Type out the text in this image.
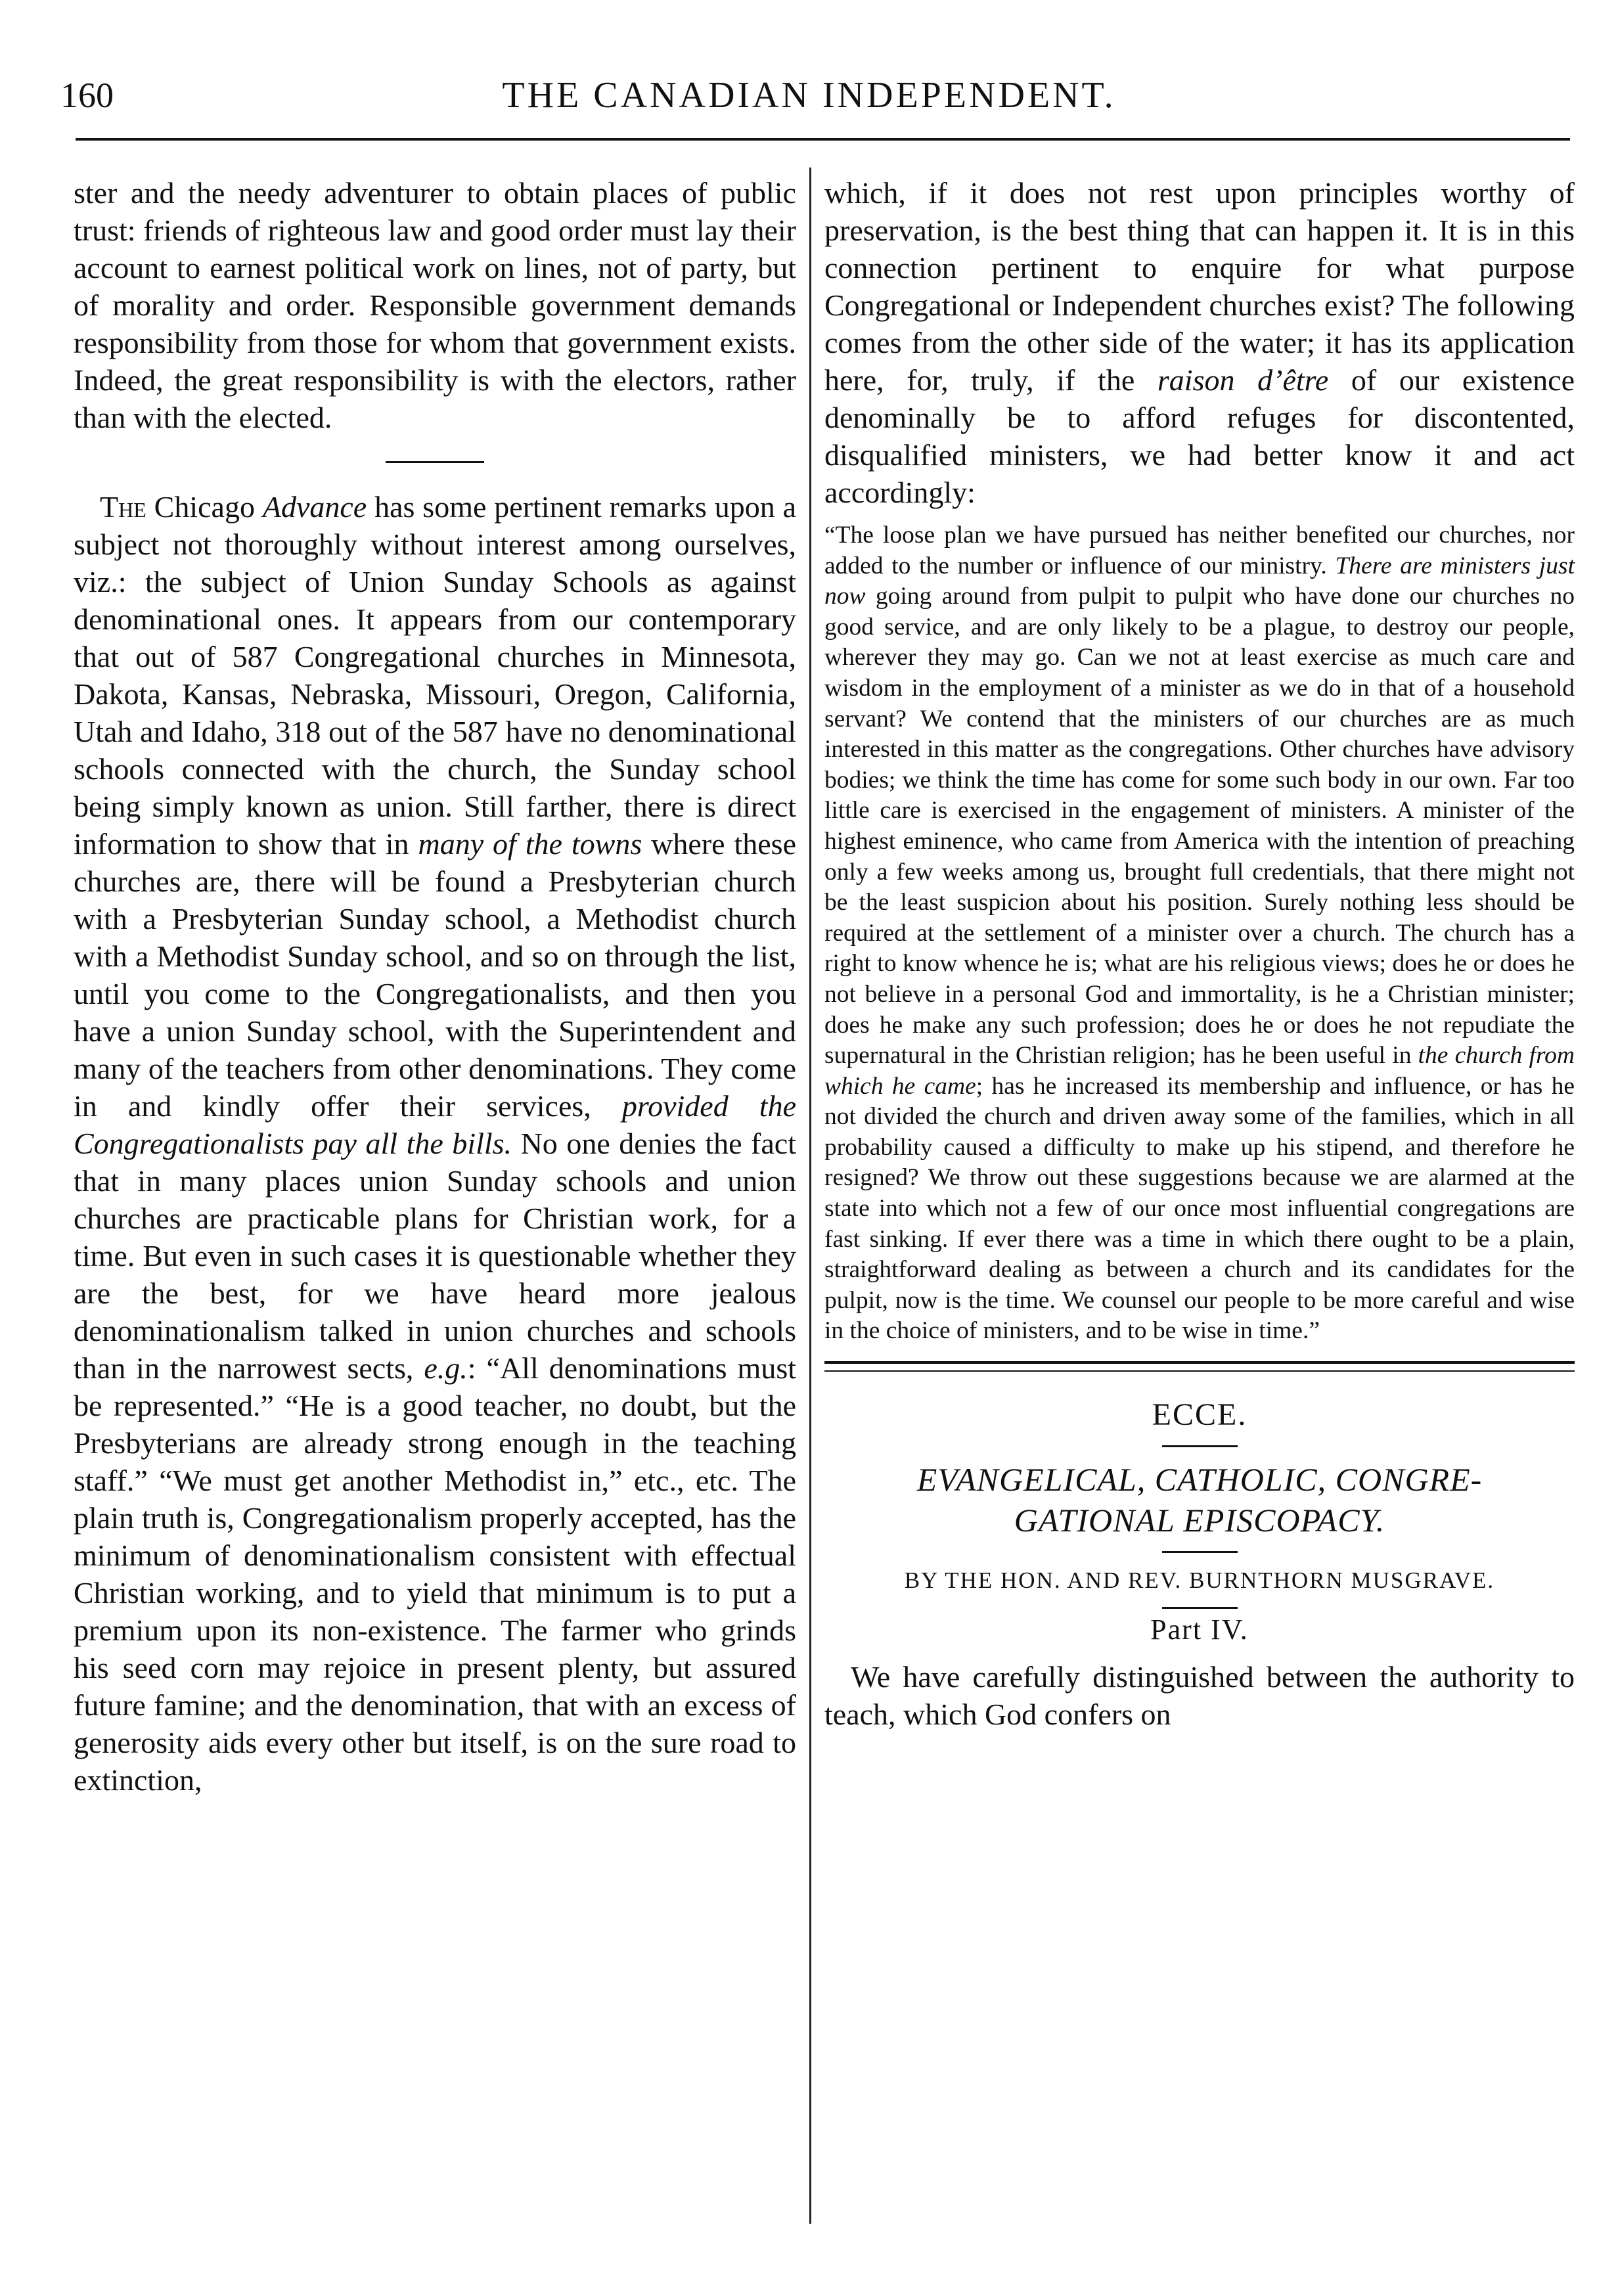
160	THE CANADIAN INDEPENDENT.

ster and the needy adventurer to obtain places of public trust: friends of righteous law and good order must lay their account to earnest political work on lines, not of party, but of morality and order. Responsible government demands responsibility from those for whom that government exists. Indeed, the great responsibility is with the electors, rather than with the elected.

The Chicago Advance has some pertinent remarks upon a subject not thoroughly without interest among ourselves, viz.: the subject of Union Sunday Schools as against denominational ones. It appears from our contemporary that out of 587 Congregational churches in Minnesota, Dakota, Kansas, Nebraska, Missouri, Oregon, California, Utah and Idaho, 318 out of the 587 have no denominational schools connected with the church, the Sunday school being simply known as union. Still farther, there is direct information to show that in many of the towns where these churches are, there will be found a Presbyterian church with a Presbyterian Sunday school, a Methodist church with a Methodist Sunday school, and so on through the list, until you come to the Congregationalists, and then you have a union Sunday school, with the Superintendent and many of the teachers from other denominations. They come in and kindly offer their services, provided the Congregationalists pay all the bills. No one denies the fact that in many places union Sunday schools and union churches are practicable plans for Christian work, for a time. But even in such cases it is questionable whether they are the best, for we have heard more jealous denominationalism talked in union churches and schools than in the narrowest sects, e.g.: “All denominations must be represented.” “He is a good teacher, no doubt, but the Presbyterians are already strong enough in the teaching staff.” “We must get another Methodist in,” etc., etc. The plain truth is, Congregationalism properly accepted, has the minimum of denominationalism consistent with effectual Christian working, and to yield that minimum is to put a premium upon its non-existence. The farmer who grinds his seed corn may rejoice in present plenty, but assured future famine; and the denomination, that with an excess of generosity aids every other but itself, is on the sure road to extinction,

which, if it does not rest upon principles worthy of preservation, is the best thing that can happen it. It is in this connection pertinent to enquire for what purpose Congregational or Independent churches exist? The following comes from the other side of the water; it has its application here, for, truly, if the raison d’être of our existence denominally be to afford refuges for discontented, disqualified ministers, we had better know it and act accordingly:

“The loose plan we have pursued has neither benefited our churches, nor added to the number or influence of our ministry. There are ministers just now going around from pulpit to pulpit who have done our churches no good service, and are only likely to be a plague, to destroy our people, wherever they may go. Can we not at least exercise as much care and wisdom in the employment of a minister as we do in that of a household servant? We contend that the ministers of our churches are as much interested in this matter as the congregations. Other churches have advisory bodies; we think the time has come for some such body in our own. Far too little care is exercised in the engagement of ministers. A minister of the highest eminence, who came from America with the intention of preaching only a few weeks among us, brought full credentials, that there might not be the least suspicion about his position. Surely nothing less should be required at the settlement of a minister over a church. The church has a right to know whence he is; what are his religious views; does he or does he not believe in a personal God and immortality, is he a Christian minister; does he make any such profession; does he or does he not repudiate the supernatural in the Christian religion; has he been useful in the church from which he came; has he increased its membership and influence, or has he not divided the church and driven away some of the families, which in all probability caused a difficulty to make up his stipend, and therefore he resigned? We throw out these suggestions because we are alarmed at the state into which not a few of our once most influential congregations are fast sinking. If ever there was a time in which there ought to be a plain, straightforward dealing as between a church and its candidates for the pulpit, now is the time. We counsel our people to be more careful and wise in the choice of ministers, and to be wise in time.”

ECCE.
EVANGELICAL, CATHOLIC, CONGRE-
GATIONAL EPISCOPACY.
BY THE HON. AND REV. BURNTHORN MUSGRAVE.
Part IV.

We have carefully distinguished between the authority to teach, which God confers on
